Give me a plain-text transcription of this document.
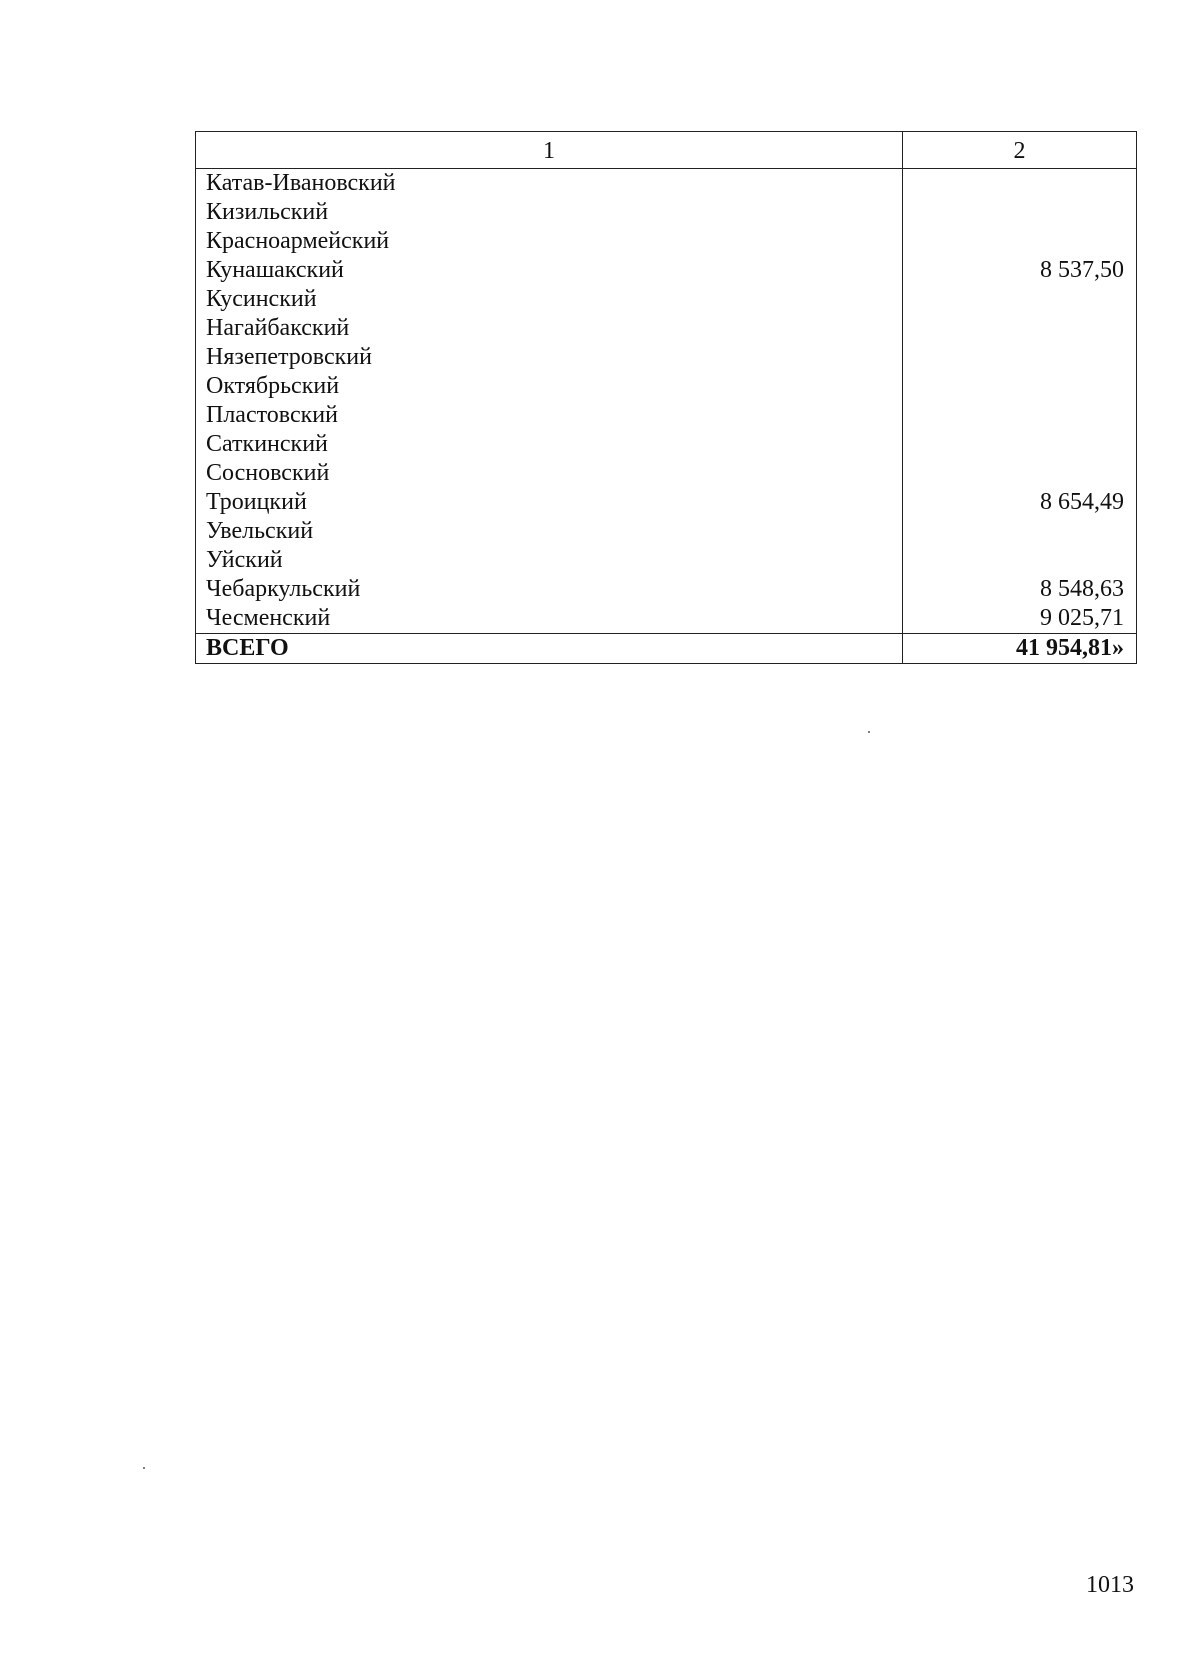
1	2
Катав-Ивановский	
Кизильский	
Красноармейский	
Кунашакский	8 537,50
Кусинский	
Нагайбакский	
Нязепетровский	
Октябрьский	
Пластовский	
Саткинский	
Сосновский	
Троицкий	8 654,49
Увельский	
Уйский	
Чебаркульский	8 548,63
Чесменский	9 025,71
ВСЕГО	41 954,81»
1013
